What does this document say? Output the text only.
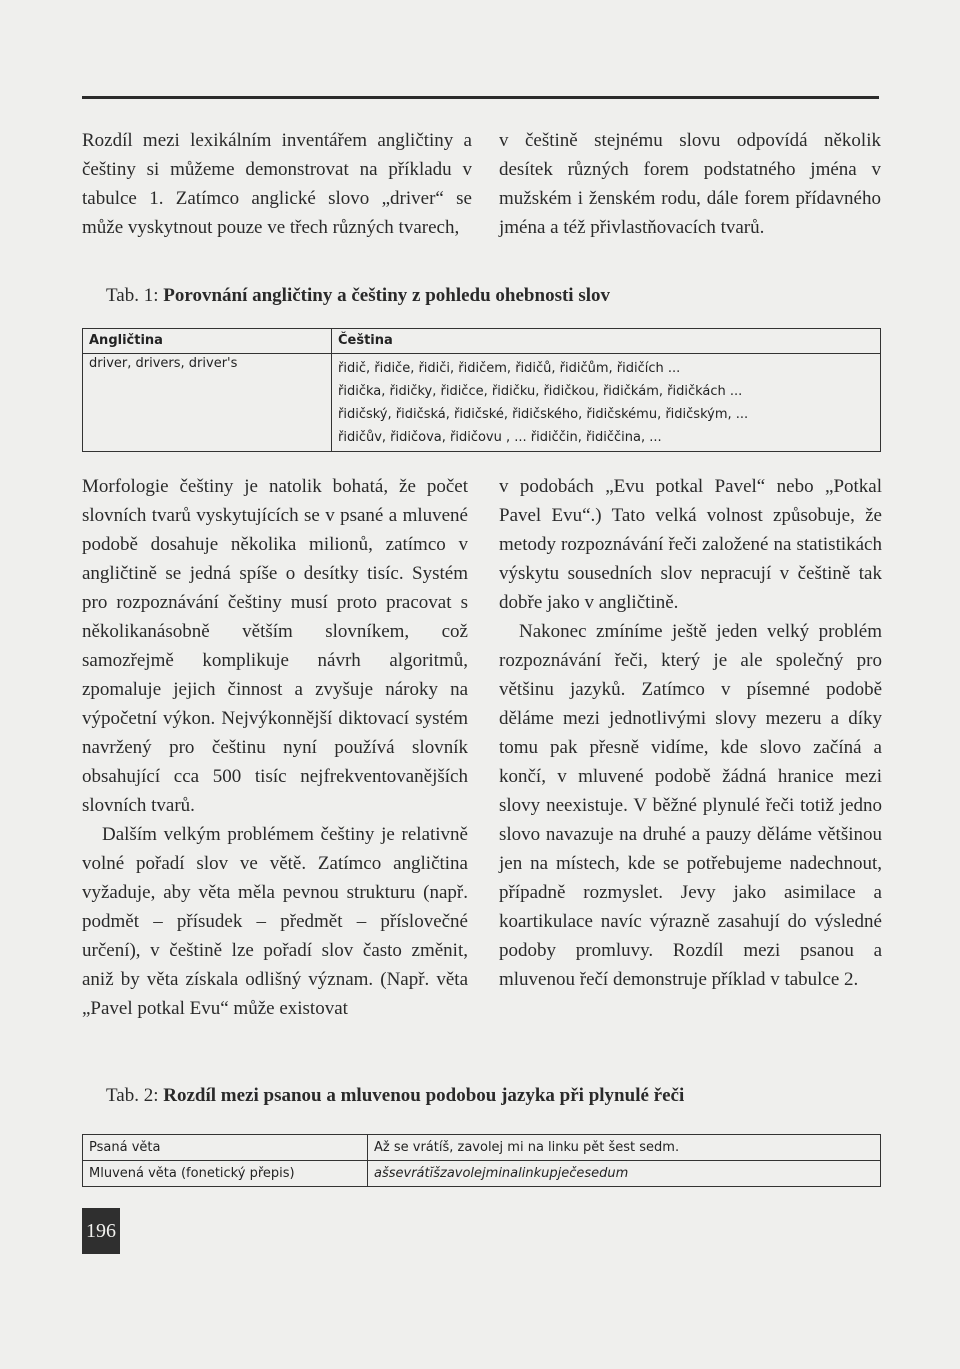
Rozdíl mezi lexikálním inventářem angličtiny a češtiny si můžeme demonstrovat na příkladu v tabulce 1. Zatímco anglické slovo „driver“ se může vyskytnout pouze ve třech různých tvarech,

v češtině stejnému slovu odpovídá několik desítek různých forem podstatného jména v mužském i ženském rodu, dále forem přídavného jména a též přivlastňovacích tvarů.

Tab. 1: Porovnání angličtiny a češtiny z pohledu ohebnosti slov
Angličtina	Čeština
driver, drivers, driver's	řidič, řidiče, řidiči, řidičem, řidičů, řidičům, řidičích ...
řidička, řidičky, řidičce, řidičku, řidičkou, řidičkám, řidičkách ...
řidičský, řidičská, řidičské, řidičského, řidičskému, řidičským, ...
řidičův, řidičova, řidičovu , ... řidiččin, řidiččina, ...

Morfologie češtiny je natolik bohatá, že počet slovních tvarů vyskytujících se v psané a mluvené podobě dosahuje několika milionů, zatímco v angličtině se jedná spíše o desítky tisíc. Systém pro rozpoznávání češtiny musí proto pracovat s několikanásobně větším slovníkem, což samozřejmě komplikuje návrh algoritmů, zpomaluje jejich činnost a zvyšuje nároky na výpočetní výkon. Nejvýkonnější diktovací systém navržený pro češtinu nyní používá slovník obsahující cca 500 tisíc nejfrekventovanějších slovních tvarů.

Dalším velkým problémem češtiny je relativně volné pořadí slov ve větě. Zatímco angličtina vyžaduje, aby věta měla pevnou strukturu (např. podmět – přísudek – předmět – příslovečné určení), v češtině lze pořadí slov často změnit, aniž by věta získala odlišný význam. (Např. věta „Pavel potkal Evu“ může existovat

v podobách „Evu potkal Pavel“ nebo „Potkal Pavel Evu“.) Tato velká volnost způsobuje, že metody rozpoznávání řeči založené na statistikách výskytu sousedních slov nepracují v češtině tak dobře jako v angličtině.

Nakonec zmíníme ještě jeden velký problém rozpoznávání řeči, který je ale společný pro většinu jazyků. Zatímco v písemné podobě děláme mezi jednotlivými slovy mezeru a díky tomu pak přesně vidíme, kde slovo začíná a končí, v mluvené podobě žádná hranice mezi slovy neexistuje. V běžné plynulé řeči totiž jedno slovo navazuje na druhé a pauzy děláme většinou jen na místech, kde se potřebujeme nadechnout, případně rozmyslet. Jevy jako asimilace a koartikulace navíc výrazně zasahují do výsledné podoby promluvy. Rozdíl mezi psanou a mluvenou řečí demonstruje příklad v tabulce 2.

Tab. 2: Rozdíl mezi psanou a mluvenou podobou jazyka při plynulé řeči
Psaná věta	Až se vrátíš, zavolej mi na linku pět šest sedm.
Mluvená věta (fonetický přepis)	ašsevrátĭšzavolejminalinkupječesedum
196
